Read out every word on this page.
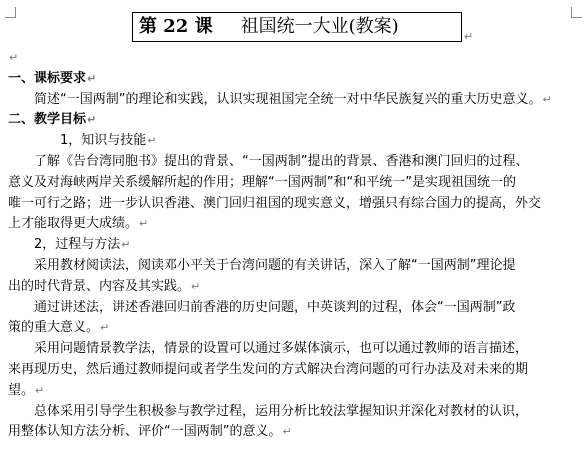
第 22 课 祖国统一大业(教案)	↵
↵
一、课标要求↵
简述“一国两制”的理论和实践，认识实现祖国完全统一对中华民族复兴的重大历史意义。↵
二、教学目标↵
1，知识与技能↵
了解《告台湾同胞书》提出的背景、“一国两制”提出的背景、香港和澳门回归的过程、
意义及对海峡两岸关系缓解所起的作用；理解“一国两制”和“和平统一”是实现祖国统一的
唯一可行之路；进一步认识香港、澳门回归祖国的现实意义，增强只有综合国力的提高，外交
上才能取得更大成绩。↵
2，过程与方法↵
采用教材阅读法，阅读邓小平关于台湾问题的有关讲话，深入了解“一国两制”理论提
出的时代背景、内容及其实践。↵
通过讲述法，讲述香港回归前香港的历史问题，中英谈判的过程，体会“一国两制”政
策的重大意义。↵
采用问题情景教学法，情景的设置可以通过多媒体演示，也可以通过教师的语言描述，
来再现历史，然后通过教师提问或者学生发问的方式解决台湾问题的可行办法及对未来的期
望。↵
总体采用引导学生积极参与教学过程，运用分析比较法掌握知识并深化对教材的认识，
用整体认知方法分析、评价“一国两制”的意义。↵
